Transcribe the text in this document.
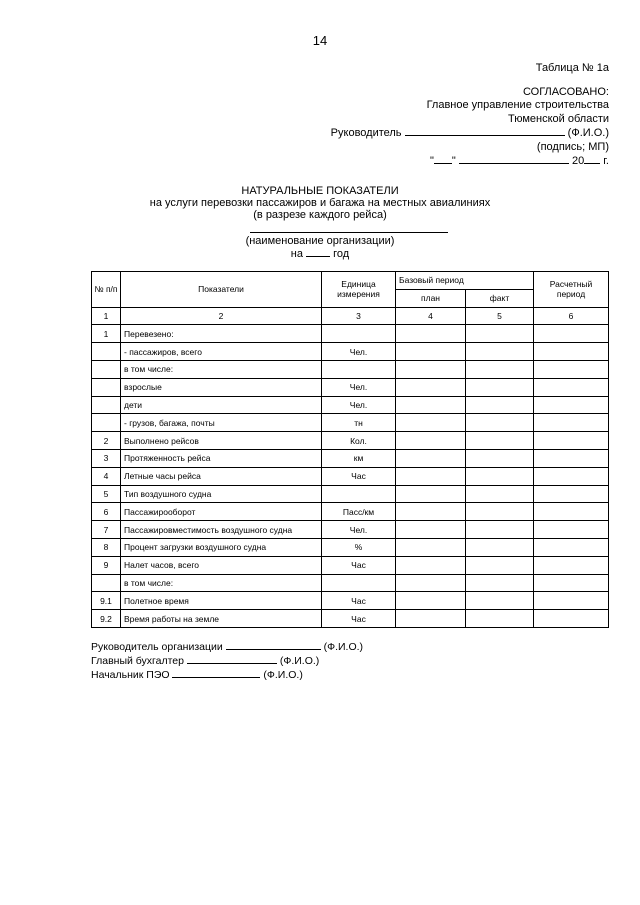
14
Таблица № 1а
СОГЛАСОВАНО:
Главное управление строительства
Тюменской области
Руководитель	(Ф.И.О.)
(подпись; МП)
" "	20 г.
НАТУРАЛЬНЫЕ ПОКАЗАТЕЛИ
на услуги перевозки пассажиров и багажа на местных авиалиниях
(в разрезе каждого рейса)
(наименование организации)
на	год
№ п/п	Показатели	Единица измерения	Базовый период		Расчетный период
			план	факт	
1	2	3	4	5	6
1	Перевезено:				
	- пассажиров, всего	Чел.			
	в том числе:				
	взрослые	Чел.			
	дети	Чел.			
	- грузов, багажа, почты	тн			
2	Выполнено рейсов	Кол.			
3	Протяженность рейса	км			
4	Летные часы рейса	Час			
5	Тип воздушного судна				
6	Пассажирооборот	Пасс/км			
7	Пассажировместимость воздушного судна	Чел.			
8	Процент загрузки воздушного судна	%			
9	Налет часов, всего	Час			
	в том числе:				
9.1	Полетное время	Час			
9.2	Время работы на земле	Час			
Руководитель организации	(Ф.И.О.)
Главный бухгалтер	(Ф.И.О.)
Начальник ПЭО	(Ф.И.О.)
